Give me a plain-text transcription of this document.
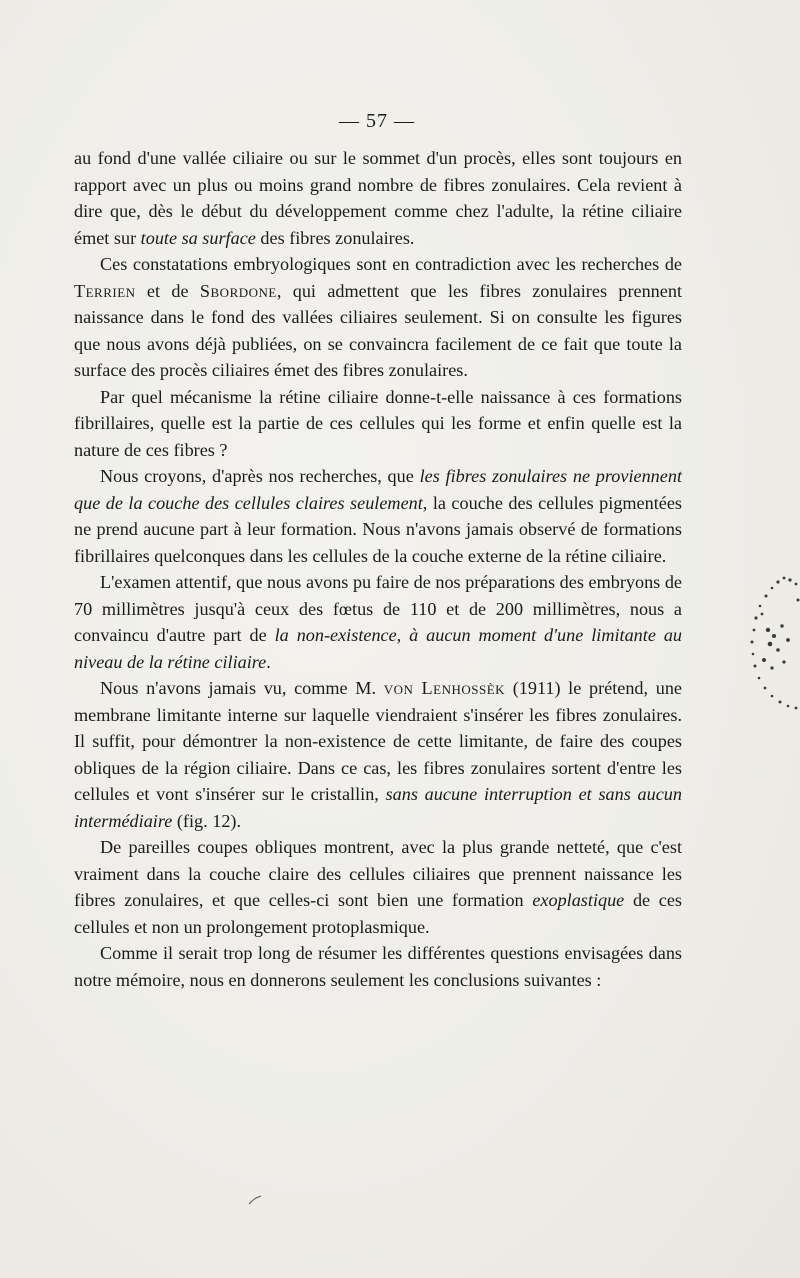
— 57 —

au fond d'une vallée ciliaire ou sur le sommet d'un procès, elles sont toujours en rapport avec un plus ou moins grand nombre de fibres zonulaires. Cela revient à dire que, dès le début du développement comme chez l'adulte, la rétine ciliaire émet sur toute sa surface des fibres zonulaires.

Ces constatations embryologiques sont en contradiction avec les recherches de Terrien et de Sbordone, qui admettent que les fibres zonulaires prennent naissance dans le fond des vallées ciliaires seulement. Si on consulte les figures que nous avons déjà publiées, on se convaincra facilement de ce fait que toute la surface des procès ciliaires émet des fibres zonulaires.

Par quel mécanisme la rétine ciliaire donne-t-elle naissance à ces formations fibrillaires, quelle est la partie de ces cellules qui les forme et enfin quelle est la nature de ces fibres ?

Nous croyons, d'après nos recherches, que les fibres zonulaires ne proviennent que de la couche des cellules claires seulement, la couche des cellules pigmentées ne prend aucune part à leur formation. Nous n'avons jamais observé de formations fibrillaires quelconques dans les cellules de la couche externe de la rétine ciliaire.

L'examen attentif, que nous avons pu faire de nos préparations des embryons de 70 millimètres jusqu'à ceux des fœtus de 110 et de 200 millimètres, nous a convaincu d'autre part de la non-existence, à aucun moment d'une limitante au niveau de la rétine ciliaire.

Nous n'avons jamais vu, comme M. von Lenhossèk (1911) le prétend, une membrane limitante interne sur laquelle viendraient s'insérer les fibres zonulaires. Il suffit, pour démontrer la non-existence de cette limitante, de faire des coupes obliques de la région ciliaire. Dans ce cas, les fibres zonulaires sortent d'entre les cellules et vont s'insérer sur le cristallin, sans aucune interruption et sans aucun intermédiaire (fig. 12).

De pareilles coupes obliques montrent, avec la plus grande netteté, que c'est vraiment dans la couche claire des cellules ciliaires que prennent naissance les fibres zonulaires, et que celles-ci sont bien une formation exoplastique de ces cellules et non un prolongement protoplasmique.

Comme il serait trop long de résumer les différentes questions envisagées dans notre mémoire, nous en donnerons seulement les conclusions suivantes :
